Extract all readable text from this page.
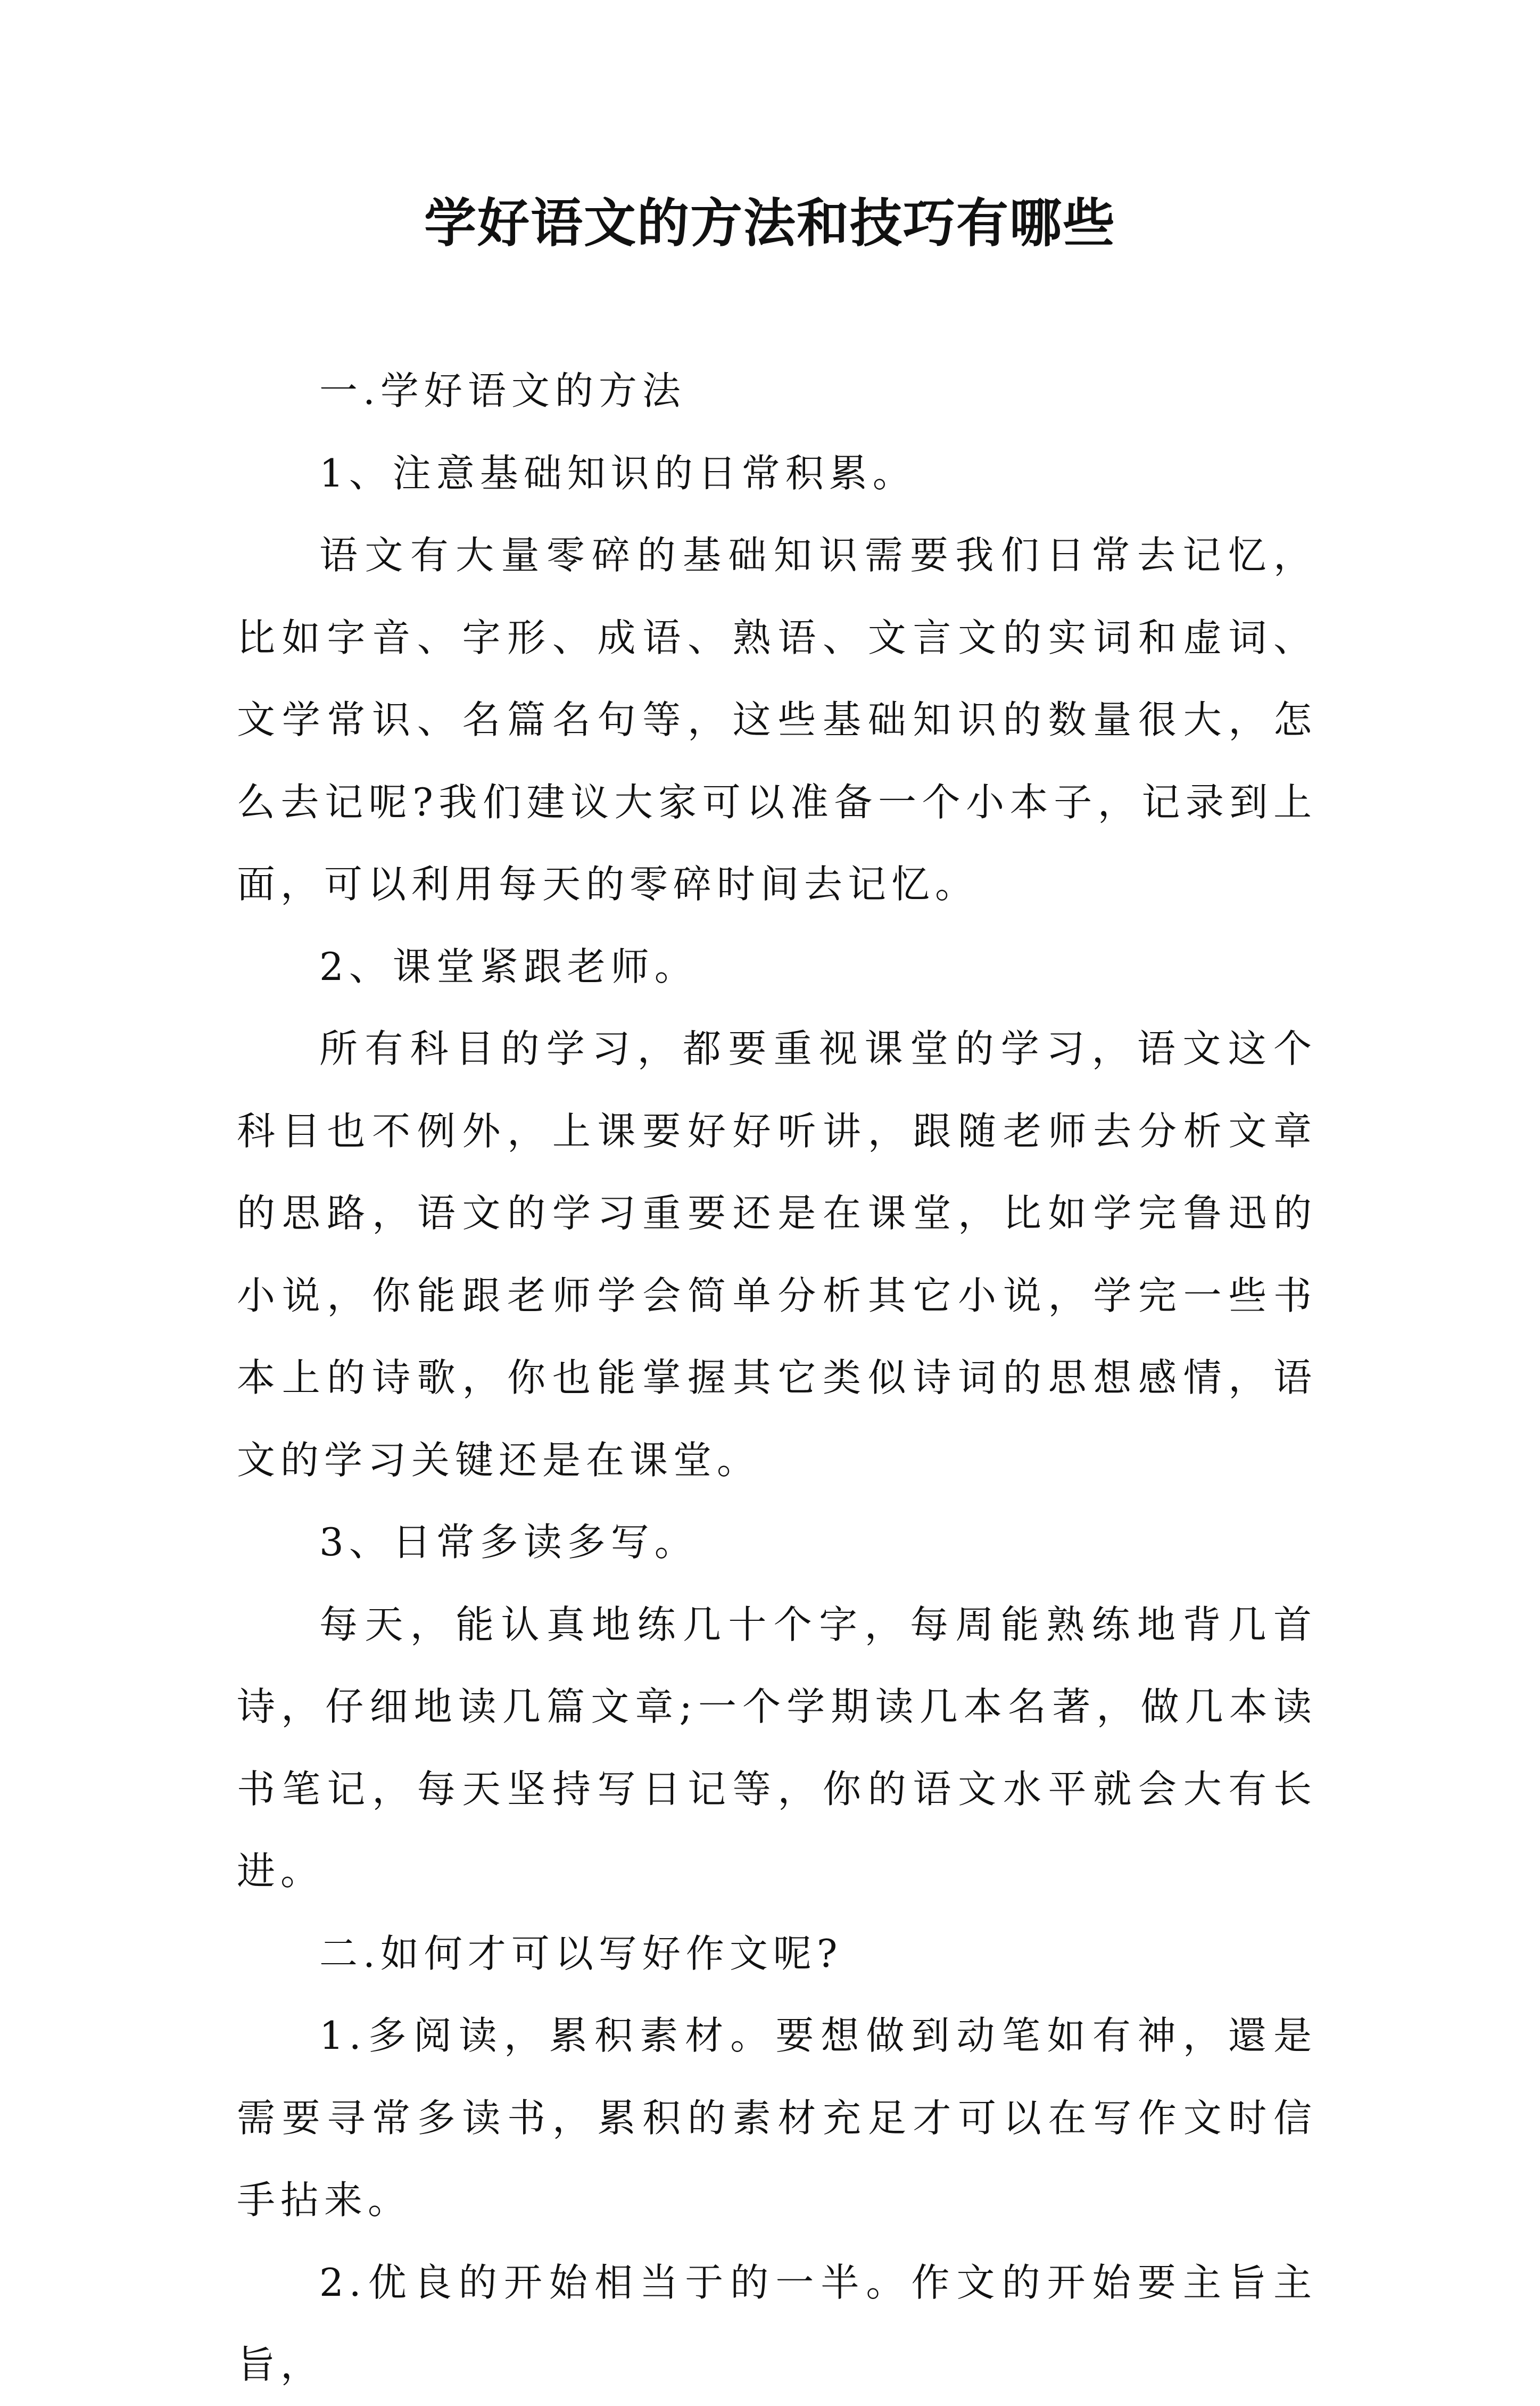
学好语文的方法和技巧有哪些

一.学好语文的方法

1、注意基础知识的日常积累。

语文有大量零碎的基础知识需要我们日常去记忆，比如字音、字形、成语、熟语、文言文的实词和虚词、文学常识、名篇名句等，这些基础知识的数量很大，怎么去记呢?我们建议大家可以准备一个小本子，记录到上面，可以利用每天的零碎时间去记忆。

2、课堂紧跟老师。

所有科目的学习，都要重视课堂的学习，语文这个科目也不例外，上课要好好听讲，跟随老师去分析文章的思路，语文的学习重要还是在课堂，比如学完鲁迅的小说，你能跟老师学会简单分析其它小说，学完一些书本上的诗歌，你也能掌握其它类似诗词的思想感情，语文的学习关键还是在课堂。

3、日常多读多写。

每天，能认真地练几十个字，每周能熟练地背几首诗，仔细地读几篇文章;一个学期读几本名著，做几本读书笔记，每天坚持写日记等，你的语文水平就会大有长进。

二.如何才可以写好作文呢?

1.多阅读，累积素材。要想做到动笔如有神，還是需要寻常多读书，累积的素材充足才可以在写作文时信手拈来。

2.优良的开始相当于的一半。作文的开始要主旨主旨，
